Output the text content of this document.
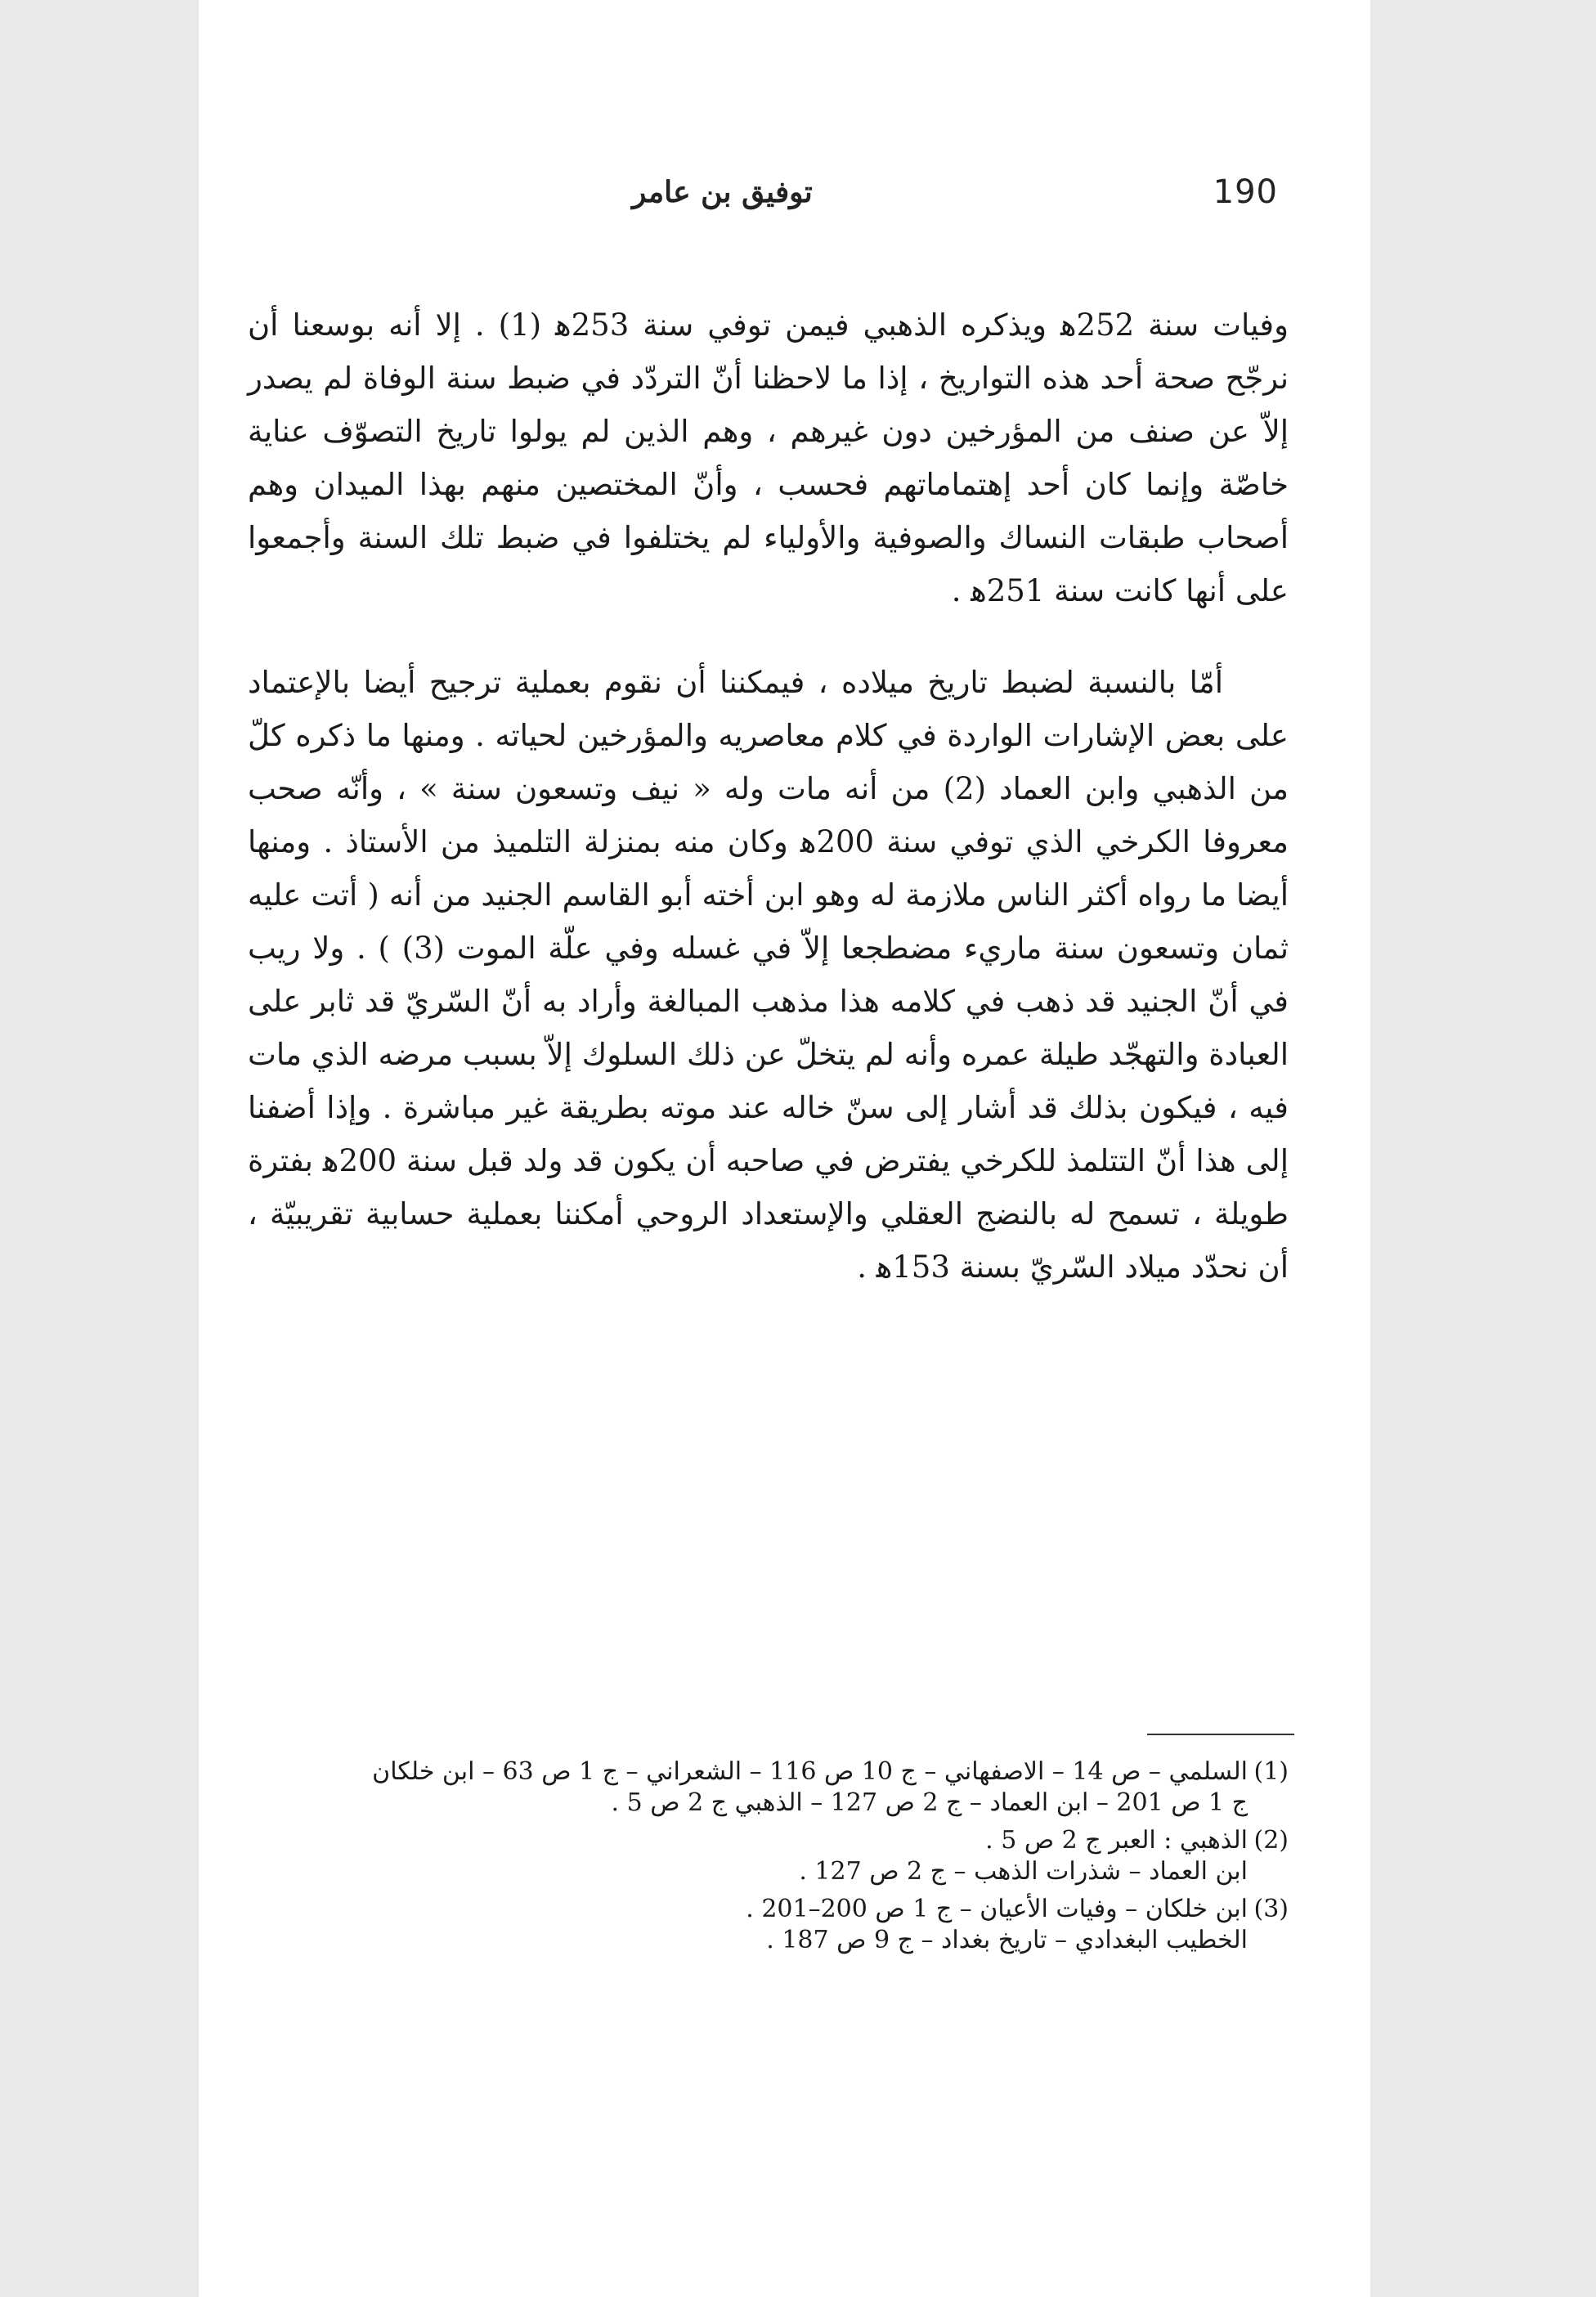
190
توفيق بن عامر

وفيات سنة 252ﻫ ويذكره الذهبي فيمن توفي سنة 253ﻫ (1) . إلا أنه بوسعنا أن نرجّح صحة أحد هذه التواريخ ، إذا ما لاحظنا أنّ التردّد في ضبط سنة الوفاة لم يصدر إلاّ عن صنف من المؤرخين دون غيرهم ، وهم الذين لم يولوا تاريخ التصوّف عناية خاصّة وإنما كان أحد إهتماماتهم فحسب ، وأنّ المختصين منهم بهذا الميدان وهم أصحاب طبقات النساك والصوفية والأولياء لم يختلفوا في ضبط تلك السنة وأجمعوا على أنها كانت سنة 251ﻫ .

أمّا بالنسبة لضبط تاريخ ميلاده ، فيمكننا أن نقوم بعملية ترجيح أيضا بالإعتماد على بعض الإشارات الواردة في كلام معاصريه والمؤرخين لحياته . ومنها ما ذكره كلّ من الذهبي وابن العماد (2) من أنه مات وله « نيف وتسعون سنة » ، وأنّه صحب معروفا الكرخي الذي توفي سنة 200ﻫ وكان منه بمنزلة التلميذ من الأستاذ . ومنها أيضا ما رواه أكثر الناس ملازمة له وهو ابن أخته أبو القاسم الجنيد من أنه ( أتت عليه ثمان وتسعون سنة ماريء مضطجعا إلاّ في غسله وفي علّة الموت (3) ) . ولا ريب في أنّ الجنيد قد ذهب في كلامه هذا مذهب المبالغة وأراد به أنّ السّريّ قد ثابر على العبادة والتهجّد طيلة عمره وأنه لم يتخلّ عن ذلك السلوك إلاّ بسبب مرضه الذي مات فيه ، فيكون بذلك قد أشار إلى سنّ خاله عند موته بطريقة غير مباشرة . وإذا أضفنا إلى هذا أنّ التتلمذ للكرخي يفترض في صاحبه أن يكون قد ولد قبل سنة 200ﻫ بفترة طويلة ، تسمح له بالنضج العقلي والإستعداد الروحي أمكننا بعملية حسابية تقريبيّة ، أن نحدّد ميلاد السّريّ بسنة 153ﻫ .

(1)
السلمي – ص 14 – الاصفهاني – ج 10 ص 116 – الشعراني – ج 1 ص 63 – ابن خلكان
ج 1 ص 201 – ابن العماد – ج 2 ص 127 – الذهبي ج 2 ص 5 .
(2)
الذهبي : العبر ج 2 ص 5 .
ابن العماد – شذرات الذهب – ج 2 ص 127 .
(3)
ابن خلكان – وفيات الأعيان – ج 1 ص 200–201 .
الخطيب البغدادي – تاريخ بغداد – ج 9 ص 187 .
